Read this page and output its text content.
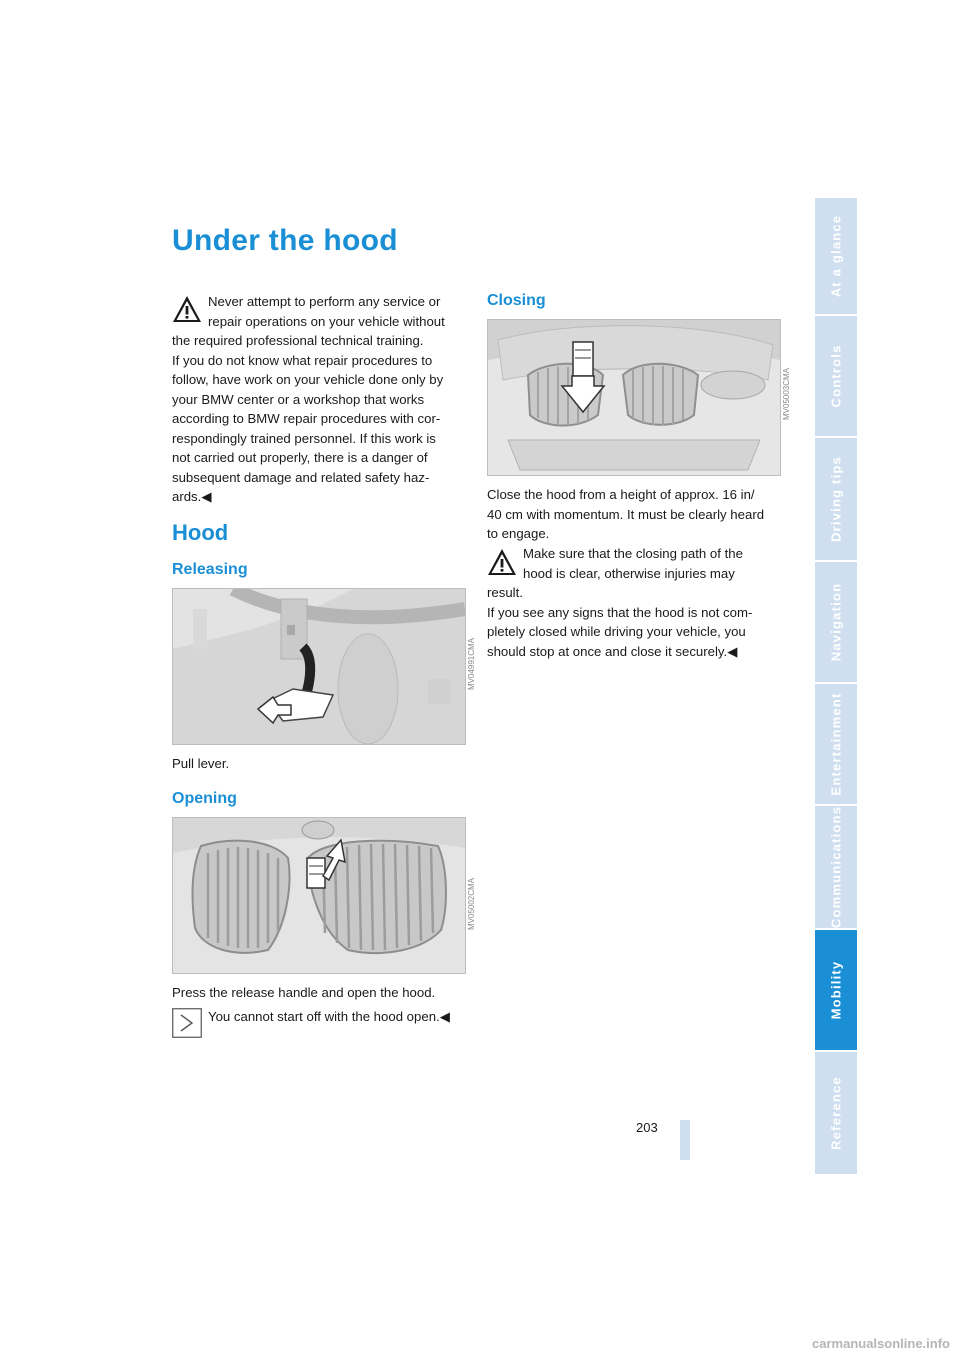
Under the hood

Never attempt to perform any service or

repair operations on your vehicle without

the required professional technical training.

If you do not know what repair procedures to

follow, have work on your vehicle done only by

your BMW center or a workshop that works

according to BMW repair procedures with cor-

respondingly trained personnel. If this work is

not carried out properly, there is a danger of

subsequent damage and related safety haz-

ards.◀

Hood
Releasing
MV04991CMA

Pull lever.

Opening
MV05002CMA

Press the release handle and open the hood.

You cannot start off with the hood open.◀

Closing
MV05003CMA

Close the hood from a height of approx. 16 in/

40 cm with momentum. It must be clearly heard

to engage.

Make sure that the closing path of the

hood is clear, otherwise injuries may

result.

If you see any signs that the hood is not com-

pletely closed while driving your vehicle, you

should stop at once and close it securely.◀

At a glance
Controls
Driving tips
Navigation
Entertainment
Communications
Mobility
Reference
203
carmanualsonline.info
